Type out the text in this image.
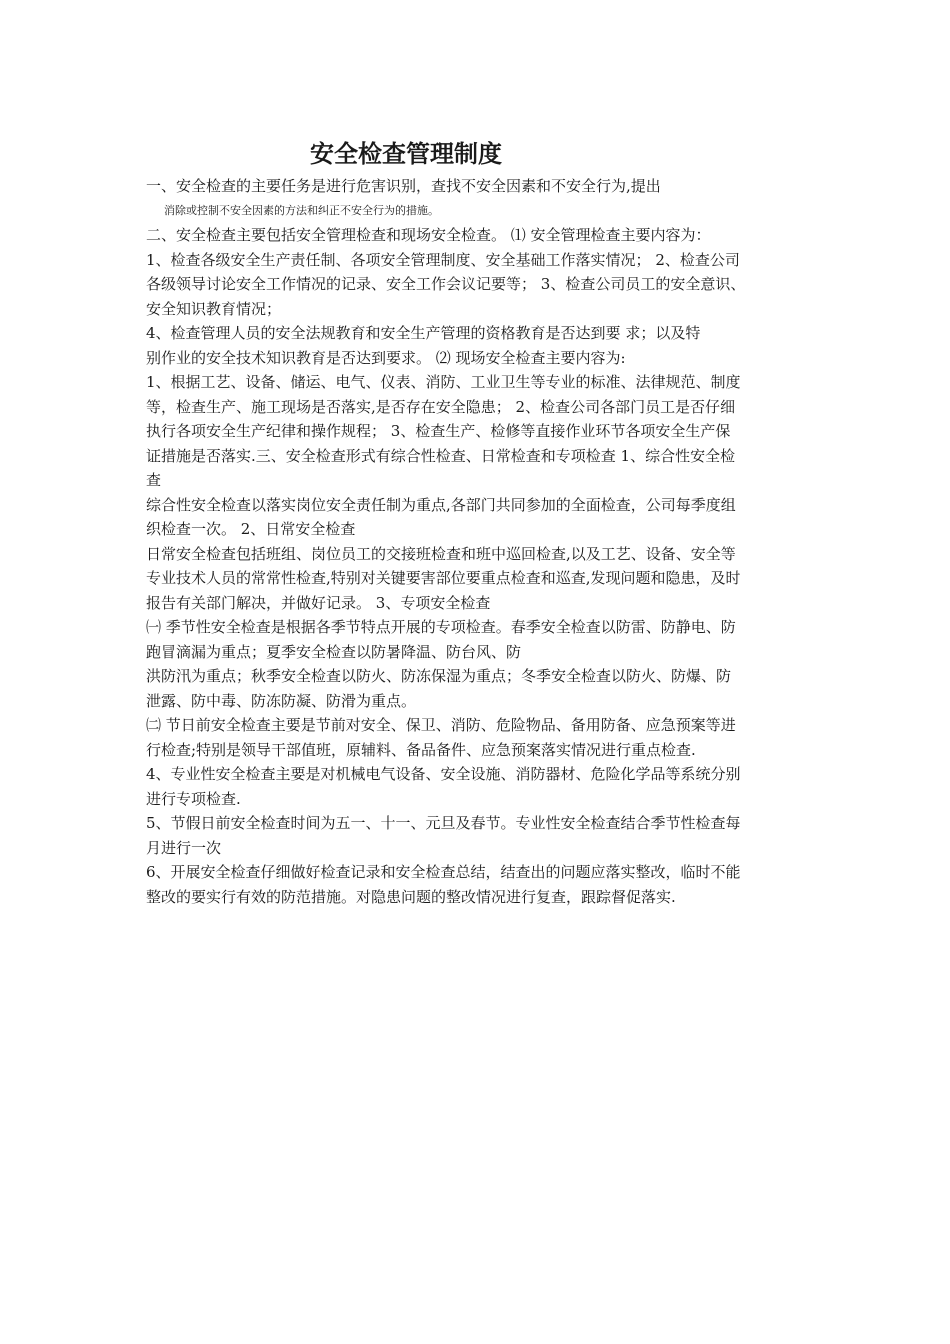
安全检查管理制度
一、安全检查的主要任务是进行危害识别，查找不安全因素和不安全行为,提出
消除或控制不安全因素的方法和纠正不安全行为的措施。
二、安全检查主要包括安全管理检查和现场安全检查。 ⑴ 安全管理检查主要内容为：
1、检查各级安全生产责任制、各项安全管理制度、安全基础工作落实情况； 2、检查公司
各级领导讨论安全工作情况的记录、安全工作会议记要等； 3、检查公司员工的安全意识、
安全知识教育情况；
4、检查管理人员的安全法规教育和安全生产管理的资格教育是否达到要 求；以及特
别作业的安全技术知识教育是否达到要求。 ⑵ 现场安全检查主要内容为:
1、根据工艺、设备、储运、电气、仪表、消防、工业卫生等专业的标准、法律规范、制度
等，检查生产、施工现场是否落实,是否存在安全隐患； 2、检查公司各部门员工是否仔细
执行各项安全生产纪律和操作规程； 3、检查生产、检修等直接作业环节各项安全生产保
证措施是否落实.三、安全检查形式有综合性检查、日常检查和专项检查 1、综合性安全检
查
综合性安全检查以落实岗位安全责任制为重点,各部门共同参加的全面检查，公司每季度组
织检查一次。 2、日常安全检查
日常安全检查包括班组、岗位员工的交接班检查和班中巡回检查,以及工艺、设备、安全等
专业技术人员的常常性检查,特别对关键要害部位要重点检查和巡查,发现问题和隐患，及时
报告有关部门解决，并做好记录。 3、专项安全检查
㈠ 季节性安全检查是根据各季节特点开展的专项检查。春季安全检查以防雷、防静电、防
跑冒滴漏为重点；夏季安全检查以防暑降温、防台风、防
洪防汛为重点；秋季安全检查以防火、防冻保湿为重点；冬季安全检查以防火、防爆、防
泄露、防中毒、防冻防凝、防滑为重点。
㈡ 节日前安全检查主要是节前对安全、保卫、消防、危险物品、备用防备、应急预案等进
行检查;特别是领导干部值班，原辅料、备品备件、应急预案落实情况进行重点检查.
4、专业性安全检查主要是对机械电气设备、安全设施、消防器材、危险化学品等系统分别
进行专项检查.
5、节假日前安全检查时间为五一、十一、元旦及春节。专业性安全检查结合季节性检查每
月进行一次
6、开展安全检查仔细做好检查记录和安全检查总结，结查出的问题应落实整改，临时不能
整改的要实行有效的防范措施。对隐患问题的整改情况进行复查，跟踪督促落实.
